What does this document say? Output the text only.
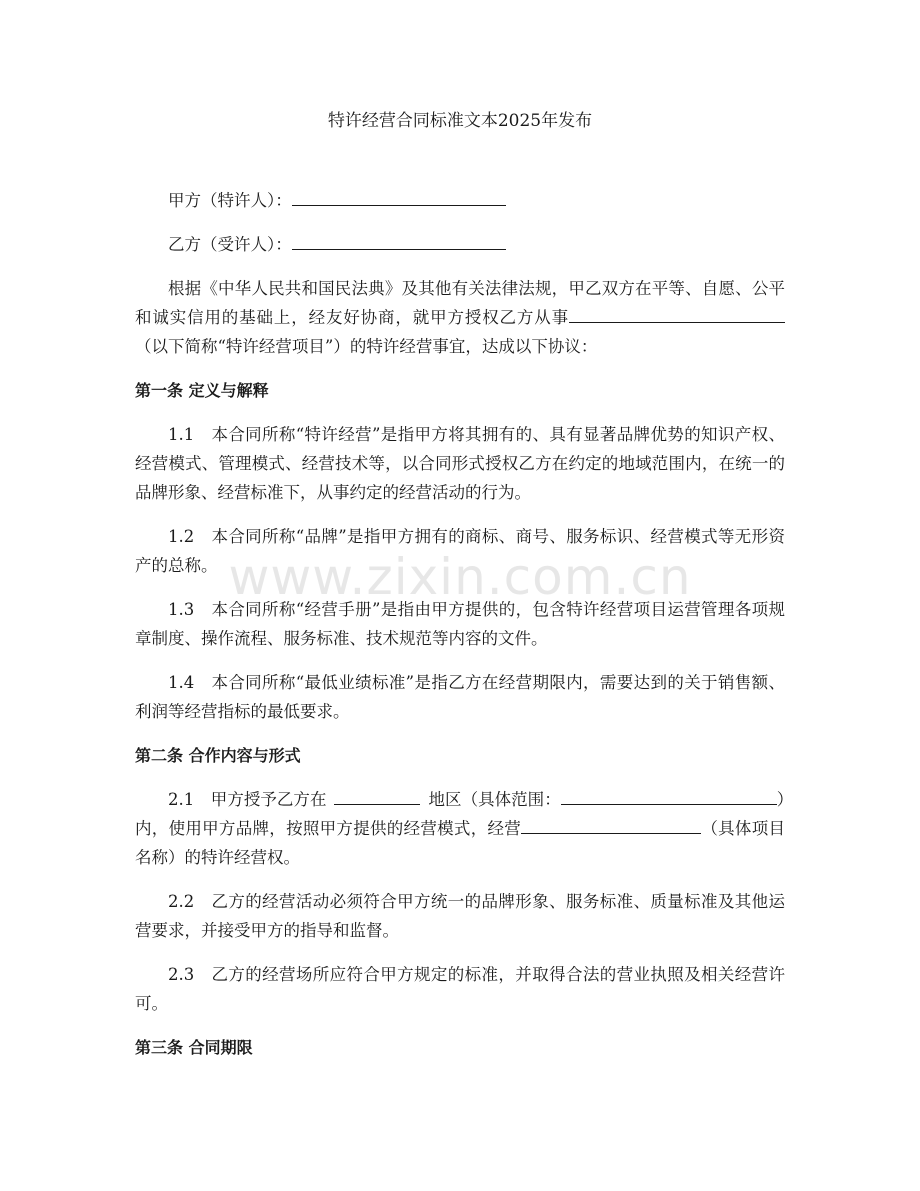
特许经营合同标准文本2025年发布

甲方（特许人）：

乙方（受许人）：

根据《中华人民共和国民法典》及其他有关法律法规，甲乙双方在平等、自愿、公平和诚实信用的基础上，经友好协商，就甲方授权乙方从事（以下简称“特许经营项目”）的特许经营事宜，达成以下协议：

第一条 定义与解释

1.1　本合同所称“特许经营”是指甲方将其拥有的、具有显著品牌优势的知识产权、经营模式、管理模式、经营技术等，以合同形式授权乙方在约定的地域范围内，在统一的品牌形象、经营标准下，从事约定的经营活动的行为。

1.2　本合同所称“品牌”是指甲方拥有的商标、商号、服务标识、经营模式等无形资产的总称。

1.3　本合同所称“经营手册”是指由甲方提供的，包含特许经营项目运营管理各项规章制度、操作流程、服务标准、技术规范等内容的文件。

1.4　本合同所称“最低业绩标准”是指乙方在经营期限内，需要达到的关于销售额、利润等经营指标的最低要求。

第二条 合作内容与形式

2.1　甲方授予乙方在	地区（具体范围：	）内，使用甲方品牌，按照甲方提供的经营模式，经营	（具体项目名称）的特许经营权。

2.2　乙方的经营活动必须符合甲方统一的品牌形象、服务标准、质量标准及其他运营要求，并接受甲方的指导和监督。

2.3　乙方的经营场所应符合甲方规定的标准，并取得合法的营业执照及相关经营许可。

第三条 合同期限
www.zixin.com.cn
